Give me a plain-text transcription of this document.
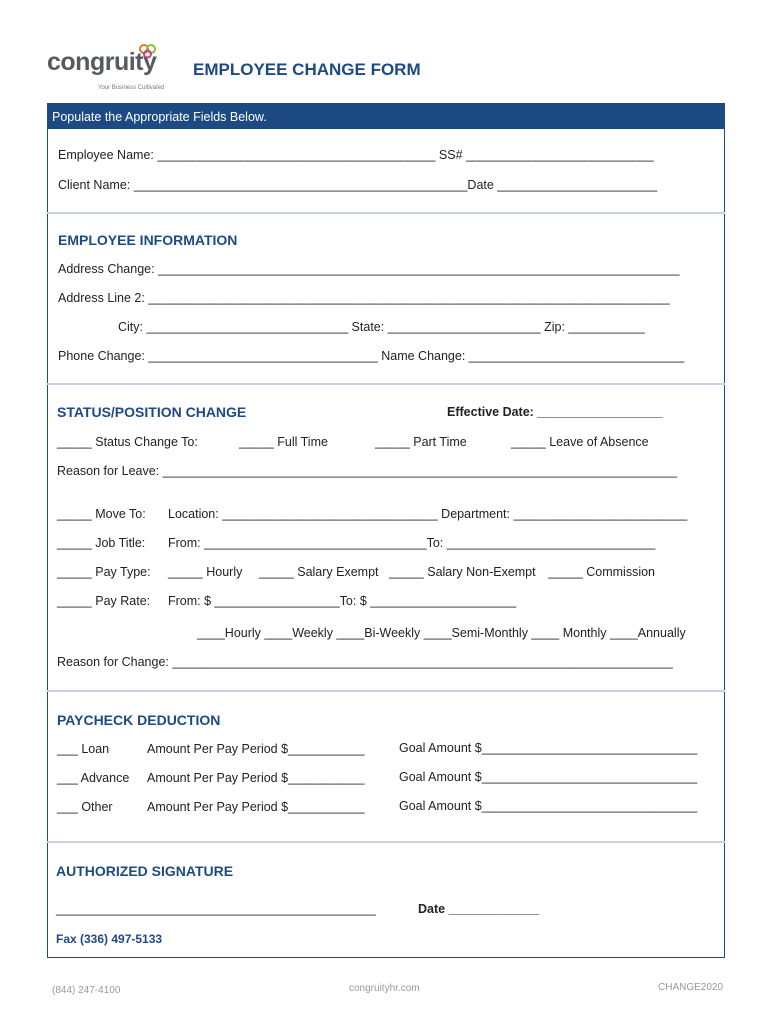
congruity
Your Business Cultivated
EMPLOYEE CHANGE FORM
Populate the Appropriate Fields Below.
Employee Name: ________________________________________ SS# ___________________________
Client Name: ________________________________________________Date _______________________
EMPLOYEE INFORMATION
Address Change: ___________________________________________________________________________
Address Line 2: ___________________________________________________________________________
City: _____________________________ State: ______________________ Zip: ___________
Phone Change: _________________________________ Name Change: _______________________________
STATUS/POSITION CHANGE	Effective Date: __________________
_____ Status Change To:	_____ Full Time	_____ Part Time	_____ Leave of Absence
Reason for Leave: __________________________________________________________________________
_____ Move To: Location: _______________________________ Department: _________________________
_____ Job Title: From: ________________________________To: ______________________________
_____ Pay Type: _____ Hourly _____ Salary Exempt _____ Salary Non-Exempt _____ Commission
_____ Pay Rate: From: $ __________________To: $ _____________________
____Hourly ____Weekly ____Bi-Weekly ____Semi-Monthly ____ Monthly ____Annually
Reason for Change: ________________________________________________________________________
PAYCHECK DEDUCTION
___ Loan	Amount Per Pay Period $___________	Goal Amount $_______________________________
___ Advance Amount Per Pay Period $___________	Goal Amount $_______________________________
___ Other	Amount Per Pay Period $___________	Goal Amount $_______________________________
AUTHORIZED SIGNATURE
______________________________________________	Date _____________
Fax (336) 497-5133
(844) 247-4100	congruityhr.com	CHANGE2020
